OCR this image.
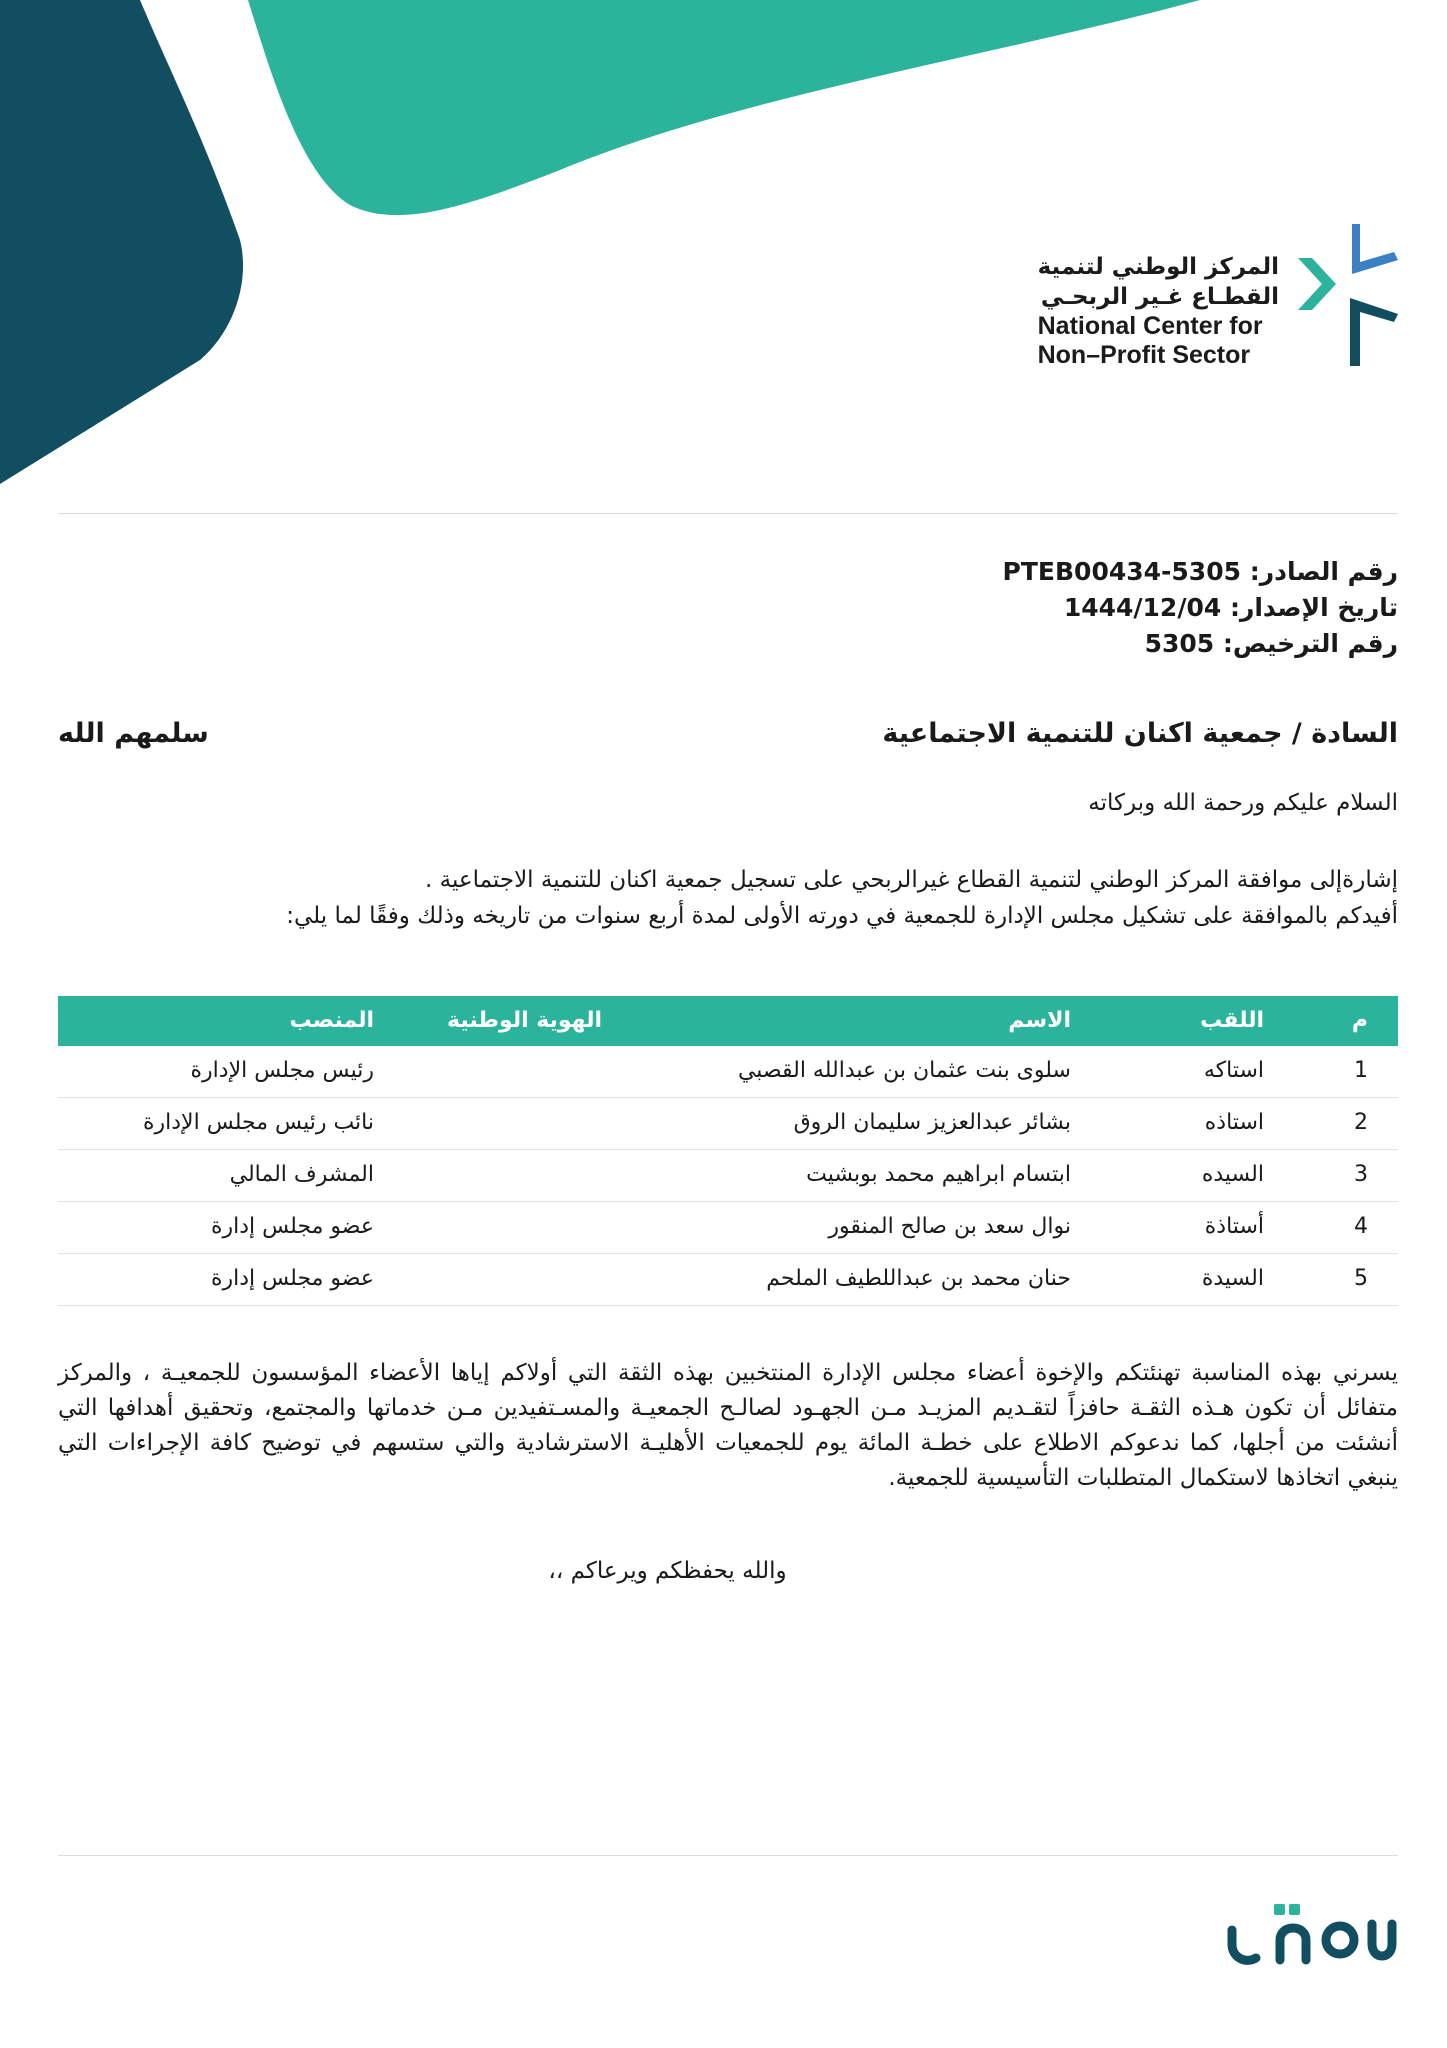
المركز الوطني لتنمية
القطـاع غـير الربحـي
National Center for
Non–Profit Sector
رقم الصادر: PTEB00434-5305
تاريخ الإصدار: 1444/12/04
رقم الترخيص: 5305
السادة / جمعية اكنان للتنمية الاجتماعية
سلمهم الله
السلام عليكم ورحمة الله وبركاته
إشارةإلى موافقة المركز الوطني لتنمية القطاع غيرالربحي على تسجيل جمعية اكنان للتنمية الاجتماعية .
أفيدكم بالموافقة على تشكيل مجلس الإدارة للجمعية في دورته الأولى لمدة أربع سنوات من تاريخه وذلك وفقًا لما يلي:
م
اللقب
الاسم
الهوية الوطنية
المنصب
1
استاكه
سلوى بنت عثمان بن عبدالله القصبي
رئيس مجلس الإدارة
2
استاذه
بشائر عبدالعزيز سليمان الروق
نائب رئيس مجلس الإدارة
3
السيده
ابتسام ابراهيم محمد بوبشيت
المشرف المالي
4
أستاذة
نوال سعد بن صالح المنقور
عضو مجلس إدارة
5
السيدة
حنان محمد بن عبداللطيف الملحم
عضو مجلس إدارة
يسرني بهذه المناسبة تهنئتكم والإخوة أعضاء مجلس الإدارة المنتخبين بهذه الثقة التي أولاكم إياها الأعضاء المؤسسون للجمعيـة ، والمركز متفائل أن تكون هـذه الثقـة حافزاً لتقـديم المزيـد مـن الجهـود لصالـح الجمعيـة والمسـتفيدين مـن خدماتها والمجتمع، وتحقيق أهدافها التي أنشئت من أجلها، كما ندعوكم الاطلاع على خطـة المائة يوم للجمعيات الأهليـة الاسترشادية والتي ستسهم في توضيح كافة الإجراءات التي ينبغي اتخاذها لاستكمال المتطلبات التأسيسية للجمعية.
والله يحفظكم ويرعاكم ،،
